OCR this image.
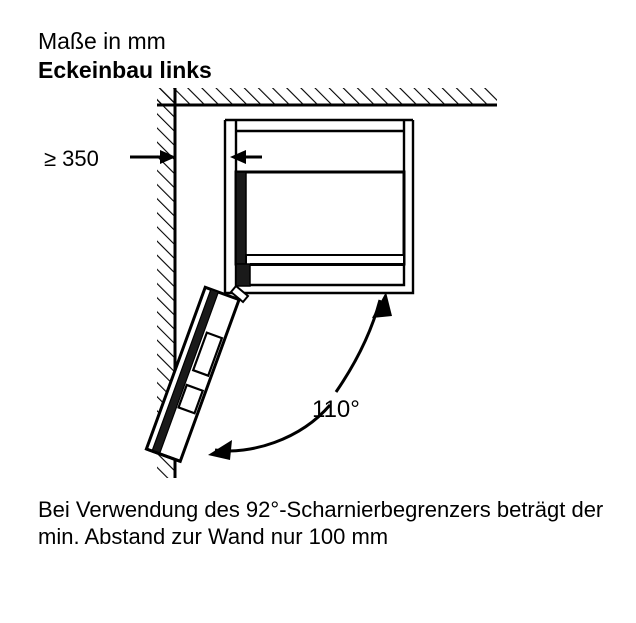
Maße in mm
Eckeinbau links
≥ 350
110°
Bei Verwendung des 92°-Scharnierbegrenzers beträgt der min. Abstand zur Wand nur 100 mm
